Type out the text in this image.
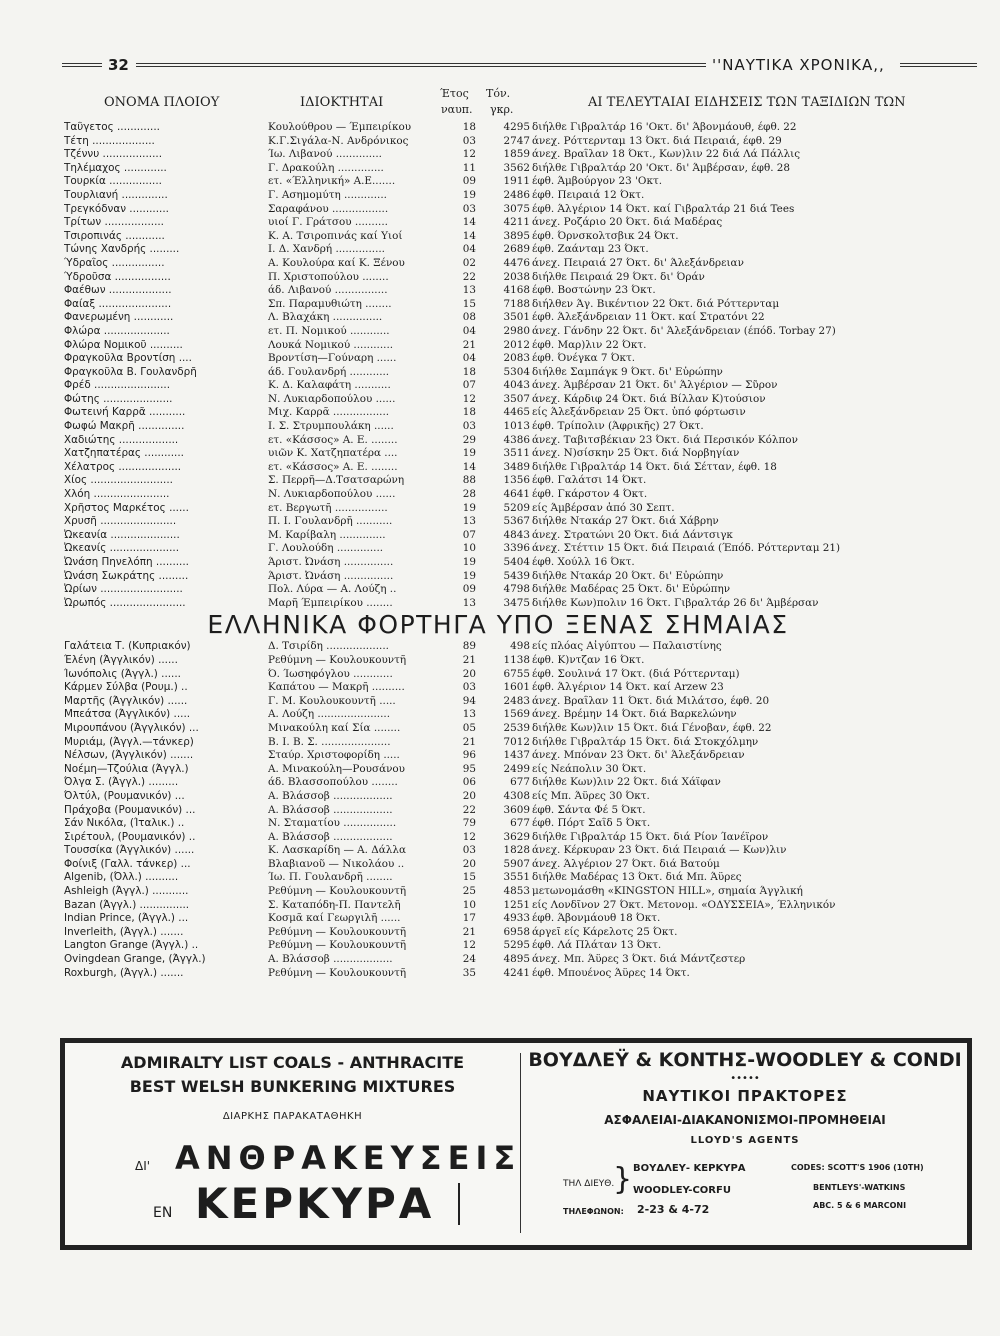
32	''ΝΑΥΤΙΚΑ ΧΡΟΝΙΚΑ,,
ΟΝΟΜΑ ΠΛΟΙΟΥ	ΙΔΙΟΚΤΗΤΑΙ
Έτος
ναυπ.
Τόν.
γκρ.	ΑΙ ΤΕΛΕΥΤΑΙΑΙ ΕΙΔΗΣΕΙΣ ΤΩΝ ΤΑΞΙΔΙΩΝ ΤΩΝ
Ταΰγετος .............	Κουλούθρου — Έμπειρίκου	18	4295 διήλθε Γιβραλτάρ 16 'Οκτ. δι' Άβονμάουθ, έφθ. 22
Τέτη ...................	Κ.Γ.Σιγάλα-Ν. Ανδρόνικος	03	2747 άνεχ. Ρόττερνταμ 13 Όκτ. διά Πειραιά, έφθ. 29
Τζέννυ ..................	Ίω. Λιβανού ..............	12	1859 άνεχ. Βραΐλαν 18 Όκτ., Κων)λιν 22 διά Λά Πάλλις
Τηλέμαχος .............	Γ. Δρακούλη ..............	11	3562 διήλθε Γιβραλτάρ 20 'Οκτ. δι' Άμβέρσαν, έφθ. 28
Τουρκία ................	ετ. «Έλληνική» Α.Ε.......	09	1911 έφθ. Άμβούργον 23 'Οκτ.
Τουρλιανή ..............	Γ. Ασημομύτη .............	19	2486 έφθ. Πειραιά 12 Όκτ.
Τρεγκόδναν ............	Σαραφάνου .................	03	3075 έφθ. Άλγέριον 14 Όκτ. καί Γιβραλτάρ 21 διά Tees
Τρίτων ..................	υιοί Γ. Γράτσου ..........	14	4211 άνεχ. Ροζάριο 20 Όκτ. διά Μαδέρας
Τσιροπινάς ............	Κ. Α. Τσιροπινάς καί Υιοί	14	3895 έφθ. Όρνσκολτσβικ 24 Όκτ.
Τώνης Χανδρής .........	Ι. Δ. Χανδρή ...............	04	2689 έφθ. Ζαάνταμ 23 Όκτ.
Ύδραΐος ................	Α. Κουλούρα καί Κ. Ξένου	02	4476 άνεχ. Πειραιά 27 Όκτ. δι' Άλεξάνδρειαν
Ύδροῦσα .................	Π. Χριστοπούλου ........	22	2038 διήλθε Πειραιά 29 Όκτ. δι' Όράν
Φαέθων ...................	άδ. Λιβανού ................	13	4168 έφθ. Βοστώνην 23 Όκτ.
Φαίαξ ......................	Σπ. Παραμυθιώτη ........	15	7188 διήλθεν Άγ. Βικέντιον 22 Όκτ. διά Ρόττερνταμ
Φανερωμένη ............	Λ. Βλαχάκη ...............	08	3501 έφθ. Άλεξάνδρειαν 11 Όκτ. καί Στρατόνι 22
Φλώρα ....................	ετ. Π. Νομικού ............	04	2980 άνεχ. Γάνδην 22 Όκτ. δι' Άλεξάνδρειαν (έπόδ. Torbay 27)
Φλώρα Νομικοῦ ..........	Λουκά Νομικού ............	21	2012 έφθ. Μαρ)λιν 22 Όκτ.
Φραγκοῦλα Βροντίση ....	Βροντίση—Γούναρη ......	04	2083 έφθ. Όνέγκα 7 Όκτ.
Φραγκοῦλα Β. Γουλανδρῆ	άδ. Γουλανδρή ............	18	5304 διήλθε Σαμπάγκ 9 Όκτ. δι' Εὐρώπην
Φρέδ .......................	Κ. Δ. Καλαφάτη ...........	07	4043 άνεχ. Άμβέρσαν 21 Όκτ. δι' Άλγέριον — Σῦρον
Φώτης .....................	Ν. Λυκιαρδοπούλου ......	12	3507 άνεχ. Κάρδιφ 24 Όκτ. διά Βίλλαν Κ)τούσιον
Φωτεινή Καρρᾶ ...........	Μιχ. Καρρᾶ .................	18	4465 είς Άλεξάνδρειαν 25 Όκτ. ὑπό φόρτωσιν
Φωφώ Μακρῆ ..............	Ι. Σ. Στρυμπουλάκη ......	03	1013 έφθ. Τρίπολιν (Άφρικῆς) 27 Όκτ.
Χαδιώτης ..................	ετ. «Κάσσος» Α. Ε. ........	29	4386 άνεχ. Ταβιτσβέκιαν 23 Όκτ. διά Περσικόν Κόλπον
Χατζηπατέρας ............	υιῶν Κ. Χατζηπατέρα ....	19	3511 άνεχ. Ν)σίσκην 25 Όκτ. διά Νορβηγίαν
Χέλατρος ...................	ετ. «Κάσσος» Α. Ε. ........	14	3489 διήλθε Γιβραλτάρ 14 Όκτ. διά Σέτταν, έφθ. 18
Χίος .........................	Σ. Περρῆ—Δ.Τσατσαρώνη	88	1356 έφθ. Γαλάτσι 14 Όκτ.
Χλόη .......................	Ν. Λυκιαρδοπούλου ......	28	4641 έφθ. Γκάρστον 4 Όκτ.
Χρῆστος Μαρκέτος ......	ετ. Βεργωτῆ ................	19	5209 είς Άμβέρσαν ἀπό 30 Σεπτ.
Χρυσῆ .......................	Π. Ι. Γουλανδρῆ ...........	13	5367 διήλθε Ντακάρ 27 Όκτ. διά Χάβρην
Ὠκεανία .....................	Μ. Καρίβαλη ..............	07	4843 άνεχ. Στρατώνι 20 Όκτ. διά Δάντσιγκ
Ὠκεανίς .....................	Γ. Λουλούδη ..............	10	3396 άνεχ. Στέττιν 15 Όκτ. διά Πειραιά (Έπόδ. Ρόττερνταμ 21)
Ὠνάση Πηνελόπη ..........	Άριστ. Ὠνάση ...............	19	5404 έφθ. Χούλλ 16 Όκτ.
Ὠνάση Σωκράτης .........	Άριστ. Ὠνάση ...............	19	5439 διήλθε Ντακάρ 20 Όκτ. δι' Εὐρώπην
Ὠρίων .........................	Πολ. Λύρα — Α. Λούζη ..	09	4798 διήλθε Μαδέρας 25 Όκτ. δι' Εὐρώπην
Ὠρωπός .......................	Μαρῆ Έμπειρίκου ........	13	3475 διήλθε Κων)πολιν 16 Όκτ. Γιβραλτάρ 26 δι' Άμβέρσαν
ΕΛΛΗΝΙΚΑ ΦΟΡΤΗΓΑ ΥΠΟ ΞΕΝΑΣ ΣΗΜΑΙΑΣ
Γαλάτεια Τ. (Κυπριακόν)	Δ. Τσιρίδη ...................	89	498 είς πλόας Αἰγύπτου — Παλαιστίνης
Έλένη (Άγγλικόν) ......	Ρεθύμνη — Κουλουκουντῆ	21	1138 έφθ. Κ)ντζαν 16 Όκτ.
Ίωνόπολις (Άγγλ.) ......	Ό. Ίωσηφόγλου ............	20	6755 έφθ. Σουλινά 17 Όκτ. (διά Ρόττερνταμ)
Κάρμεν Σύλβα (Ρουμ.) ..	Καπάτου — Μακρῆ ..........	03	1601 έφθ. Άλγέριον 14 Όκτ. καί Arzew 23
Μαρτῆς (Άγγλικόν) ......	Γ. Μ. Κουλουκουντῆ .....	94	2483 άνεχ. Βραΐλαν 11 Όκτ. διά Μιλάτσο, έφθ. 20
Μπεάτσα (Άγγλικόν) .....	Α. Λούζη ......................	13	1569 άνεχ. Βρέμην 14 Όκτ. διά Βαρκελώνην
Μιρουπάνου (Άγγλικόν) ...	Μινακούλη καί Σία ........	05	2539 διήλθε Κων)λιν 15 Όκτ. διά Γένοβαν, έφθ. 22
Μυριάμ, (Άγγλ.—τάνκερ)	Β. Ι. Β. Σ. .....................	21	7012 διήλθε Γιβραλτάρ 15 Όκτ. διά Στοκχόλμην
Νέλσων, (Άγγλικόν) .......	Σταύρ. Χριστοφορίδη .....	96	1437 άνεχ. Μπόναν 23 Όκτ. δι' Άλεξάνδρειαν
Νοέμη—Τζούλια (Άγγλ.)	Α. Μινακούλη—Ρουσάνου	95	2499 είς Νεάπολιν 30 Όκτ.
Όλγα Σ. (Άγγλ.) .........	άδ. Βλασσοπούλου ........	06	677 διήλθε Κων)λιν 22 Όκτ. διά Χάϊφαν
Όλτύλ, (Ρουμανικόν) ...	Α. Βλάσσοβ ..................	20	4308 είς Μπ. Άϋρες 30 Όκτ.
Πράχοβα (Ρουμανικόν) ...	Α. Βλάσσοβ ..................	22	3609 έφθ. Σάντα Φέ 5 Όκτ.
Σάν Νικόλα, (Ίταλικ.) ..	Ν. Σταματίου ................	79	677 έφθ. Πόρτ Σαΐδ 5 Όκτ.
Σιρέτουλ, (Ρουμανικόν) ..	Α. Βλάσσοβ ..................	12	3629 διήλθε Γιβραλτάρ 15 Όκτ. διά Ρίον Ίανέϊρον
Τουσσίκα (Άγγλικόν) ......	Κ. Λασκαρίδη — Α. Δάλλα	03	1828 άνεχ. Κέρκυραν 23 Όκτ. διά Πειραιά — Κων)λιν
Φοίνιξ (Γαλλ. τάνκερ) ...	Βλαβιανοῦ — Νικολάου ..	20	5907 άνεχ. Άλγέριον 27 Όκτ. διά Βατούμ
Algenib, (Όλλ.) ..........	Ίω. Π. Γουλανδρῆ ........	15	3551 διήλθε Μαδέρας 13 Όκτ. διά Μπ. Άϋρες
Ashleigh (Άγγλ.) ...........	Ρεθύμνη — Κουλουκουντῆ	25	4853 μετωνομάσθη «KINGSTON HILL», σημαία Άγγλική
Bazan (Άγγλ.) ...............	Σ. Καταπόδη-Π. Παντελῆ	10	1251 είς Λονδῖνον 27 Όκτ. Μετονομ. «ΟΔΥΣΣΕΙΑ», Έλληνικόν
Indian Prince, (Άγγλ.) ...	Κοσμᾶ καί Γεωργιλῆ ......	17	4933 έφθ. Άβονμάουθ 18 Όκτ.
Inverleith, (Άγγλ.) .......	Ρεθύμνη — Κουλουκουντῆ	21	6958 άργεῖ είς Κάρελοτς 25 Όκτ.
Langton Grange (Άγγλ.) ..	Ρεθύμνη — Κουλουκουντῆ	12	5295 έφθ. Λά Πλάταν 13 Όκτ.
Ovingdean Grange, (Άγγλ.)	Α. Βλάσσοβ ..................	24	4895 άνεχ. Μπ. Άϋρες 3 Όκτ. διά Μάντζεστερ
Roxburgh, (Άγγλ.) .......	Ρεθύμνη — Κουλουκουντῆ	35	4241 έφθ. Μπουένος Άϋρες 14 Όκτ.
ADMIRALTY LIST COALS - ANTHRACITE
BEST WELSH BUNKERING MIXTURES
ΔΙΑΡΚΗΣ ΠΑΡΑΚΑΤΑΘΗΚΗ
ΔΙ' ΑΝΘΡΑΚΕΥΣΕΙΣ
ΕΝ ΚΕΡΚΥΡΑ
ΒΟΥΔΛΕΫ & ΚΟΝΤΗΣ-WOODLEY & CONDI
•••••
ΝΑΥΤΙΚΟΙ ΠΡΑΚΤΟΡΕΣ
ΑΣΦΑΛΕΙΑΙ-ΔΙΑΚΑΝΟΝΙΣΜΟΙ-ΠΡΟΜΗΘΕΙΑΙ
LLOYD'S AGENTS
ΤΗΛ ΔΙΕΥΘ.
} ΒΟΥΔΛΕΥ- ΚΕΡΚΥΡΑ
WOODLEY-CORFU
CODES: SCOTT'S 1906 (10TH)
BENTLEYS'-WATKINS
ABC. 5 & 6 MARCONI
ΤΗΛΕΦΩΝΟΝ: 2-23 & 4-72
